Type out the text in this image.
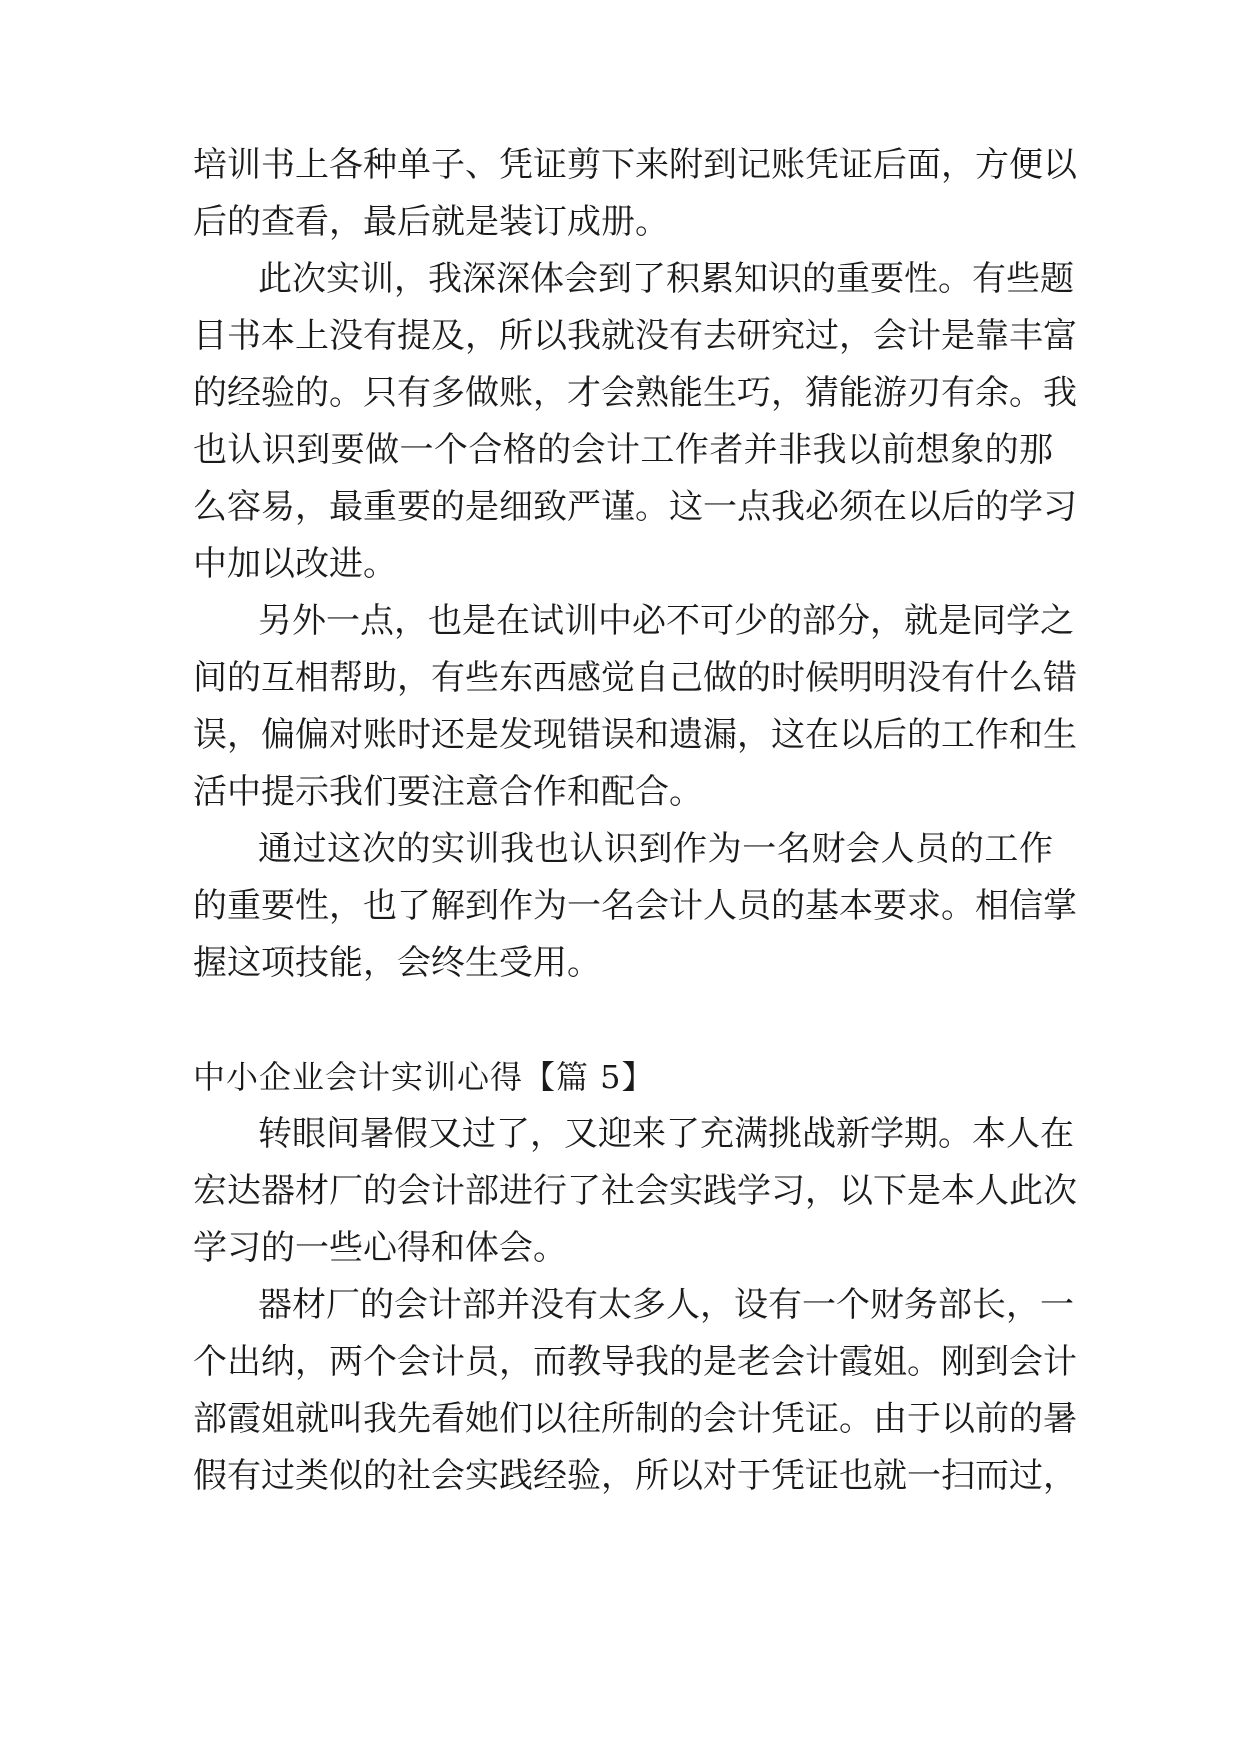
培训书上各种单子、凭证剪下来附到记账凭证后面，方便以
后的查看，最后就是装订成册。
此次实训，我深深体会到了积累知识的重要性。有些题
目书本上没有提及，所以我就没有去研究过，会计是靠丰富
的经验的。只有多做账，才会熟能生巧，猜能游刃有余。我
也认识到要做一个合格的会计工作者并非我以前想象的那
么容易，最重要的是细致严谨。这一点我必须在以后的学习
中加以改进。
另外一点，也是在试训中必不可少的部分，就是同学之
间的互相帮助，有些东西感觉自己做的时候明明没有什么错
误，偏偏对账时还是发现错误和遗漏，这在以后的工作和生
活中提示我们要注意合作和配合。
通过这次的实训我也认识到作为一名财会人员的工作
的重要性，也了解到作为一名会计人员的基本要求。相信掌
握这项技能，会终生受用。
中小企业会计实训心得【篇 5】
转眼间暑假又过了，又迎来了充满挑战新学期。本人在
宏达器材厂的会计部进行了社会实践学习，以下是本人此次
学习的一些心得和体会。
器材厂的会计部并没有太多人，设有一个财务部长，一
个出纳，两个会计员，而教导我的是老会计霞姐。刚到会计
部霞姐就叫我先看她们以往所制的会计凭证。由于以前的暑
假有过类似的社会实践经验，所以对于凭证也就一扫而过，
